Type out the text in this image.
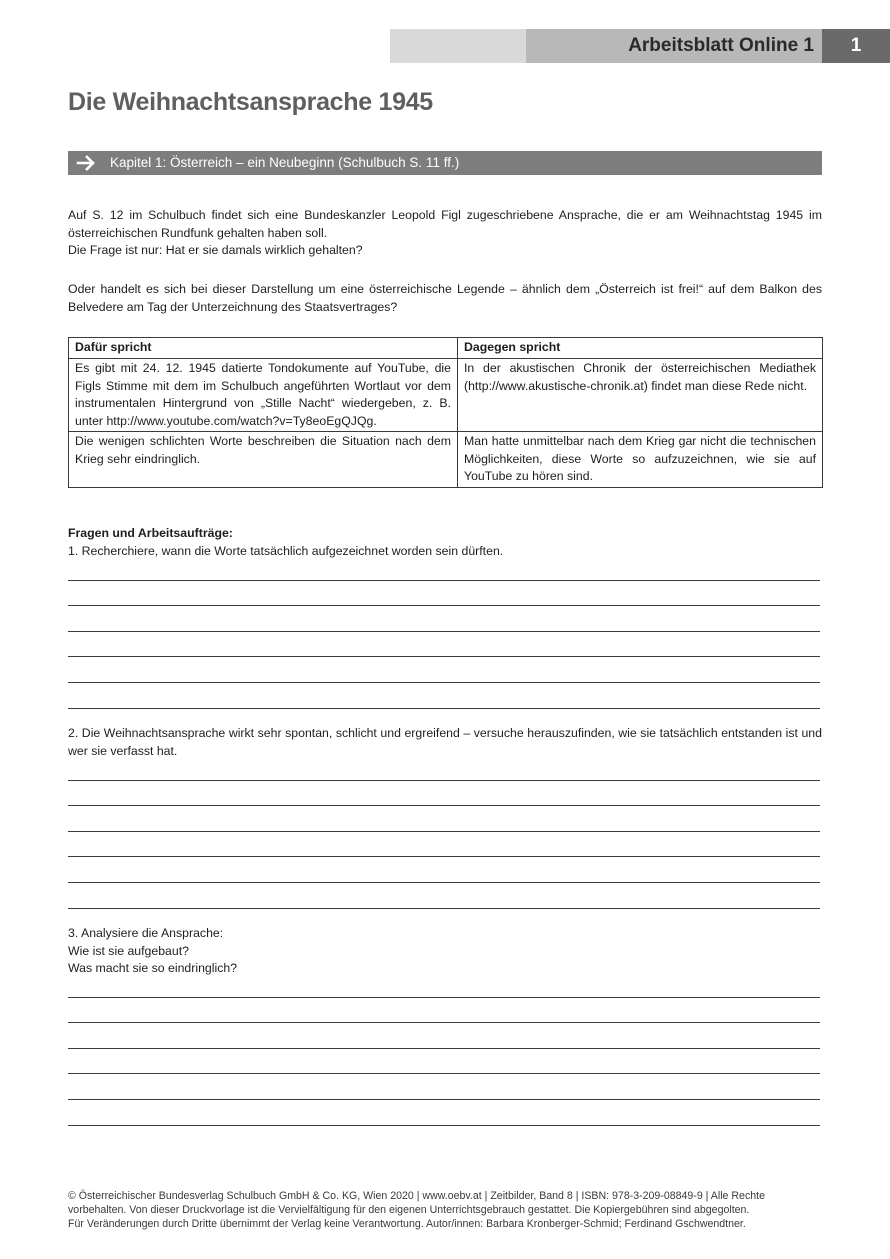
Arbeitsblatt Online 1	1
Die Weihnachtsansprache 1945
Kapitel 1: Österreich – ein Neubeginn (Schulbuch S. 11 ff.)

Auf S. 12 im Schulbuch findet sich eine Bundeskanzler Leopold Figl zugeschriebene Ansprache, die er am Weihnachtstag 1945 im österreichischen Rundfunk gehalten haben soll.
Die Frage ist nur: Hat er sie damals wirklich gehalten?

Oder handelt es sich bei dieser Darstellung um eine österreichische Legende – ähnlich dem „Österreich ist frei!“ auf dem Balkon des Belvedere am Tag der Unterzeichnung des Staatsvertrages?

Dafür spricht	Dagegen spricht
Es gibt mit 24. 12. 1945 datierte Tondokumente auf YouTube, die Figls Stimme mit dem im Schulbuch angeführten Wortlaut vor dem instrumentalen Hintergrund von „Stille Nacht“ wiedergeben, z. B. unter http://www.youtube.com/watch?v=Ty8eoEgQJQg.	In der akustischen Chronik der österreichischen Mediathek (http://www.akustische-chronik.at) findet man diese Rede nicht.
Die wenigen schlichten Worte beschreiben die Situation nach dem Krieg sehr eindringlich.	Man hatte unmittelbar nach dem Krieg gar nicht die technischen Möglichkeiten, diese Worte so aufzuzeichnen, wie sie auf YouTube zu hören sind.
Fragen und Arbeitsaufträge:

1. Recherchiere, wann die Worte tatsächlich aufgezeichnet worden sein dürften.

2. Die Weihnachtsansprache wirkt sehr spontan, schlicht und ergreifend – versuche herauszufinden, wie sie tatsächlich entstanden ist und wer sie verfasst hat.

3. Analysiere die Ansprache:
Wie ist sie aufgebaut?
Was macht sie so eindringlich?

© Österreichischer Bundesverlag Schulbuch GmbH & Co. KG, Wien 2020 | www.oebv.at | Zeitbilder, Band 8 | ISBN: 978-3-209-08849-9 | Alle Rechte
vorbehalten. Von dieser Druckvorlage ist die Vervielfältigung für den eigenen Unterrichtsgebrauch gestattet. Die Kopiergebühren sind abgegolten.
Für Veränderungen durch Dritte übernimmt der Verlag keine Verantwortung. Autor/innen: Barbara Kronberger-Schmid; Ferdinand Gschwendtner.
